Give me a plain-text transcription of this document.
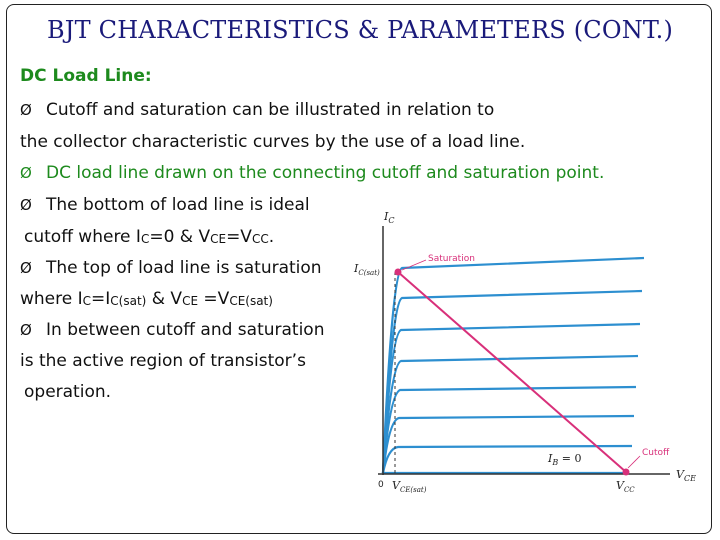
BJT CHARACTERISTICS & PARAMETERS (CONT.)

DC Load Line:

Ø Cutoff and saturation can be illustrated in relation to
the collector characteristic curves by the use of a load line.
Ø DC load line drawn on the connecting cutoff and saturation point.
Ø The bottom of load line is ideal
cutoff where $I_C=0$ & $V_{CE}=V_{CC}$.
Ø The top of load line is saturation
where $I_C=I_{C(sat)}$ & $V_{CE} =V_{CE(sat)}$
Ø In between cutoff and saturation
is the active region of transistor’s
operation.
$I_C$
$I_{C(sat)}$
Saturation
Cutoff
$I_B = 0$
0 $V_{CE(sat)}$	$V_{CC}$
$V_{CE}$
